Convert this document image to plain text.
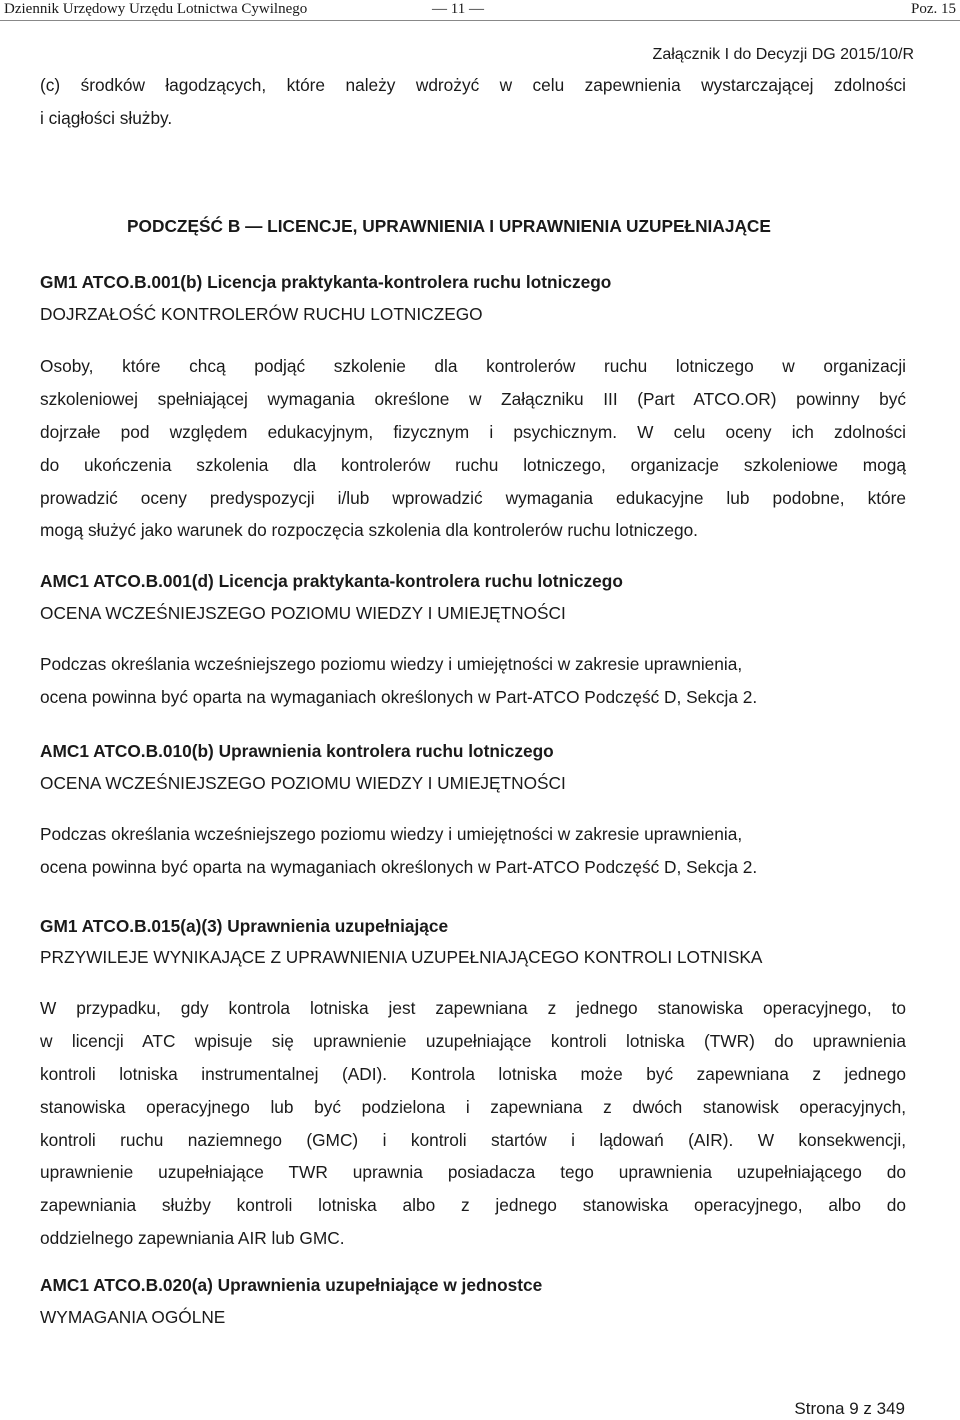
Dziennik Urzędowy Urzędu Lotnictwa Cywilnego	— 11 —	Poz. 15
Załącznik I do Decyzji DG 2015/10/R
(c) środków łagodzących, które należy wdrożyć w celu zapewnienia wystarczającej zdolności
i ciągłości służby.
PODCZĘŚĆ B — LICENCJE, UPRAWNIENIA I UPRAWNIENIA UZUPEŁNIAJĄCE
GM1 ATCO.B.001(b) Licencja praktykanta-kontrolera ruchu lotniczego
DOJRZAŁOŚĆ KONTROLERÓW RUCHU LOTNICZEGO
Osoby, które chcą podjąć szkolenie dla kontrolerów ruchu lotniczego w organizacji
szkoleniowej spełniającej wymagania określone w Załączniku III (Part ATCO.OR) powinny być
dojrzałe pod względem edukacyjnym, fizycznym i psychicznym. W celu oceny ich zdolności
do ukończenia szkolenia dla kontrolerów ruchu lotniczego, organizacje szkoleniowe mogą
prowadzić oceny predyspozycji i/lub wprowadzić wymagania edukacyjne lub podobne, które
mogą służyć jako warunek do rozpoczęcia szkolenia dla kontrolerów ruchu lotniczego.
AMC1 ATCO.B.001(d) Licencja praktykanta-kontrolera ruchu lotniczego
OCENA WCZEŚNIEJSZEGO POZIOMU WIEDZY I UMIEJĘTNOŚCI
Podczas określania wcześniejszego poziomu wiedzy i umiejętności w zakresie uprawnienia,
ocena powinna być oparta na wymaganiach określonych w Part-ATCO Podczęść D, Sekcja 2.
AMC1 ATCO.B.010(b) Uprawnienia kontrolera ruchu lotniczego
OCENA WCZEŚNIEJSZEGO POZIOMU WIEDZY I UMIEJĘTNOŚCI
Podczas określania wcześniejszego poziomu wiedzy i umiejętności w zakresie uprawnienia,
ocena powinna być oparta na wymaganiach określonych w Part-ATCO Podczęść D, Sekcja 2.
GM1 ATCO.B.015(a)(3) Uprawnienia uzupełniające
PRZYWILEJE WYNIKAJĄCE Z UPRAWNIENIA UZUPEŁNIAJĄCEGO KONTROLI LOTNISKA
W przypadku, gdy kontrola lotniska jest zapewniana z jednego stanowiska operacyjnego, to
w licencji ATC wpisuje się uprawnienie uzupełniające kontroli lotniska (TWR) do uprawnienia
kontroli lotniska instrumentalnej (ADI). Kontrola lotniska może być zapewniana z jednego
stanowiska operacyjnego lub być podzielona i zapewniana z dwóch stanowisk operacyjnych,
kontroli ruchu naziemnego (GMC) i kontroli startów i lądowań (AIR). W konsekwencji,
uprawnienie uzupełniające TWR uprawnia posiadacza tego uprawnienia uzupełniającego do
zapewniania służby kontroli lotniska albo z jednego stanowiska operacyjnego, albo do
oddzielnego zapewniania AIR lub GMC.
AMC1 ATCO.B.020(a) Uprawnienia uzupełniające w jednostce
WYMAGANIA OGÓLNE
Strona 9 z 349
